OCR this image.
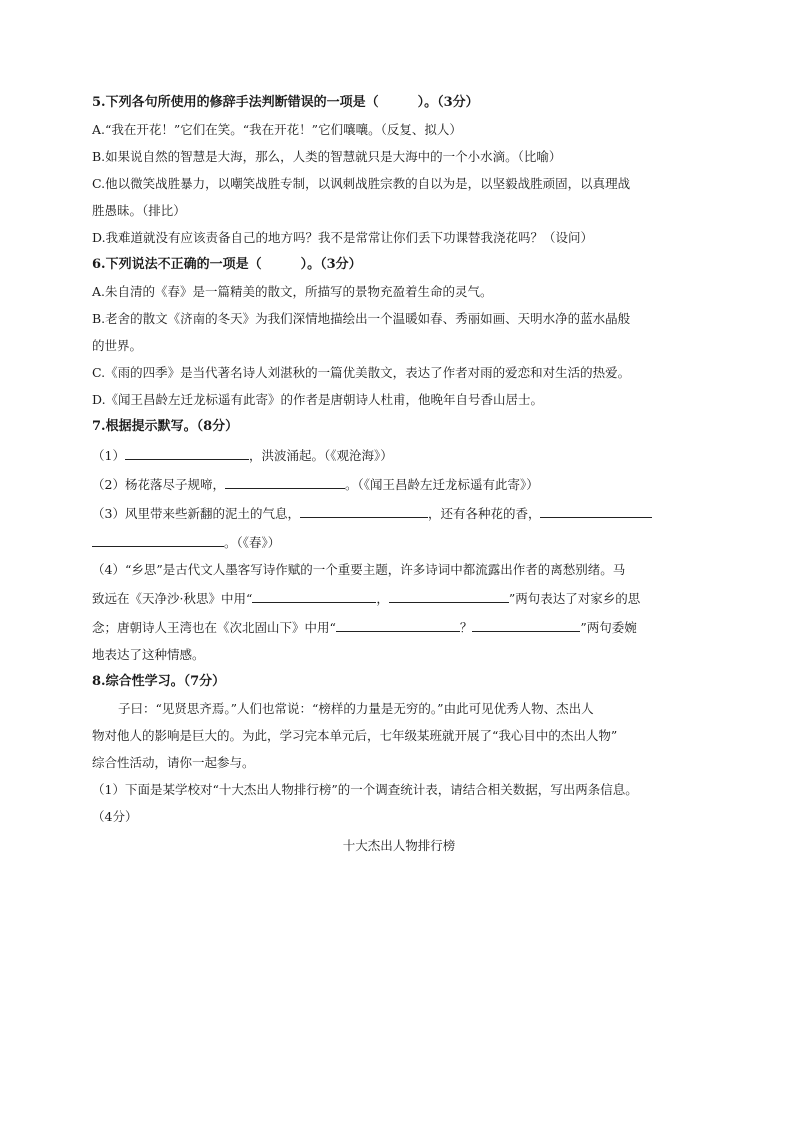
5.下列各句所使用的修辞手法判断错误的一项是（　　　）。（3分）
A.“我在开花！”它们在笑。“我在开花！”它们嚷嚷。（反复、拟人）
B.如果说自然的智慧是大海，那么，人类的智慧就只是大海中的一个小水滴。（比喻）
C.他以微笑战胜暴力，以嘲笑战胜专制，以讽刺战胜宗教的自以为是，以坚毅战胜顽固，以真理战
胜愚昧。（排比）
D.我难道就没有应该责备自己的地方吗？我不是常常让你们丢下功课替我浇花吗？（设问）
6.下列说法不正确的一项是（　　　）。（3分）
A.朱自清的《春》是一篇精美的散文，所描写的景物充盈着生命的灵气。
B.老舍的散文《济南的冬天》为我们深情地描绘出一个温暖如春、秀丽如画、天明水净的蓝水晶般
的世界。
C.《雨的四季》是当代著名诗人刘湛秋的一篇优美散文，表达了作者对雨的爱恋和对生活的热爱。
D.《闻王昌龄左迁龙标遥有此寄》的作者是唐朝诗人杜甫，他晚年自号香山居士。
7.根据提示默写。（8分）
（1）	，洪波涌起。（《观沧海》）
（2）杨花落尽子规啼，	。（《闻王昌龄左迁龙标遥有此寄》）
（3）风里带来些新翻的泥土的气息，	，还有各种花的香，
。（《春》）
（4）“乡思”是古代文人墨客写诗作赋的一个重要主题，许多诗词中都流露出作者的离愁别绪。马
致远在《天净沙·秋思》中用“	，	”两句表达了对家乡的思
念；唐朝诗人王湾也在《次北固山下》中用“	？	”两句委婉
地表达了这种情感。
8.综合性学习。（7分）
子曰：“见贤思齐焉。”人们也常说：“榜样的力量是无穷的。”由此可见优秀人物、杰出人
物对他人的影响是巨大的。为此，学习完本单元后，七年级某班就开展了“我心目中的杰出人物”
综合性活动，请你一起参与。
（1）下面是某学校对“十大杰出人物排行榜”的一个调查统计表，请结合相关数据，写出两条信息。
（4分）
十大杰出人物排行榜
